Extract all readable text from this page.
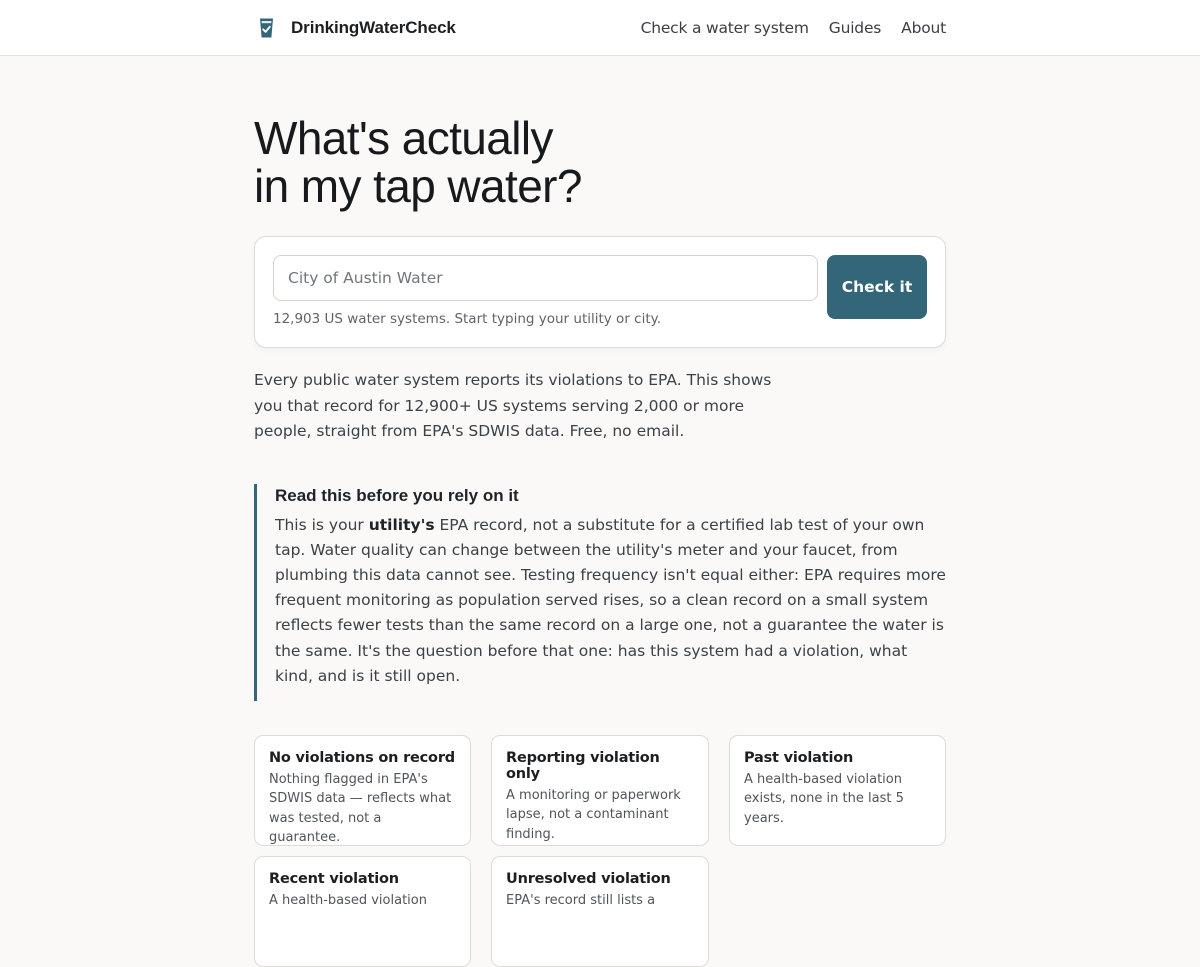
DrinkingWaterCheck	Check a water system Guides About
What's actually
in my tap water?
City of Austin Water
Check it

12,903 US water systems. Start typing your utility or city.

Every public water system reports its violations to EPA. This shows you that record for 12,900+ US systems serving 2,000 or more people, straight from EPA's SDWIS data. Free, no email.

Read this before you rely on it

This is your utility's EPA record, not a substitute for a certified lab test of your own tap. Water quality can change between the utility's meter and your faucet, from plumbing this data cannot see. Testing frequency isn't equal either: EPA requires more frequent monitoring as population served rises, so a clean record on a small system reflects fewer tests than the same record on a large one, not a guarantee the water is the same. It's the question before that one: has this system had a violation, what kind, and is it still open.

No violations on record
Nothing flagged in EPA's SDWIS data — reflects what was tested, not a guarantee.
Reporting violation only
A monitoring or paperwork lapse, not a contaminant finding.
Past violation
A health-based violation exists, none in the last 5 years.
Recent violation
A health-based violation
Unresolved violation
EPA's record still lists a
